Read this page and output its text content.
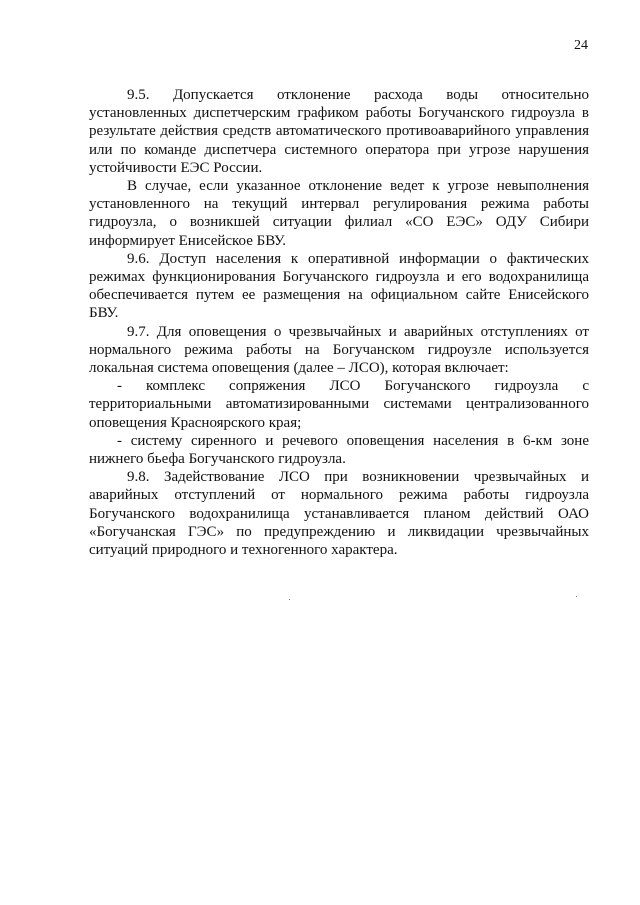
24

9.5. Допускается отклонение расхода воды относительно установленных диспетчерским графиком работы Богучанского гидроузла в результате действия средств автоматического противоаварийного управления или по команде диспетчера системного оператора при угрозе нарушения устойчивости ЕЭС России.

В случае, если указанное отклонение ведет к угрозе невыполнения установленного на текущий интервал регулирования режима работы гидроузла, о возникшей ситуации филиал «СО ЕЭС» ОДУ Сибири информирует Енисейское БВУ.

9.6. Доступ населения к оперативной информации о фактических режимах функционирования Богучанского гидроузла и его водохранилища обеспечивается путем ее размещения на официальном сайте Енисейского БВУ.

9.7. Для оповещения о чрезвычайных и аварийных отступлениях от нормального режима работы на Богучанском гидроузле используется локальная система оповещения (далее – ЛСО), которая включает:

- комплекс сопряжения ЛСО Богучанского гидроузла с территориальными автоматизированными системами централизованного оповещения Красноярского края;

- систему сиренного и речевого оповещения населения в 6-км зоне нижнего бьефа Богучанского гидроузла.

9.8. Задействование ЛСО при возникновении чрезвычайных и аварийных отступлений от нормального режима работы гидроузла Богучанского водохранилища устанавливается планом действий ОАО «Богучанская ГЭС» по предупреждению и ликвидации чрезвычайных ситуаций природного и техногенного характера.
